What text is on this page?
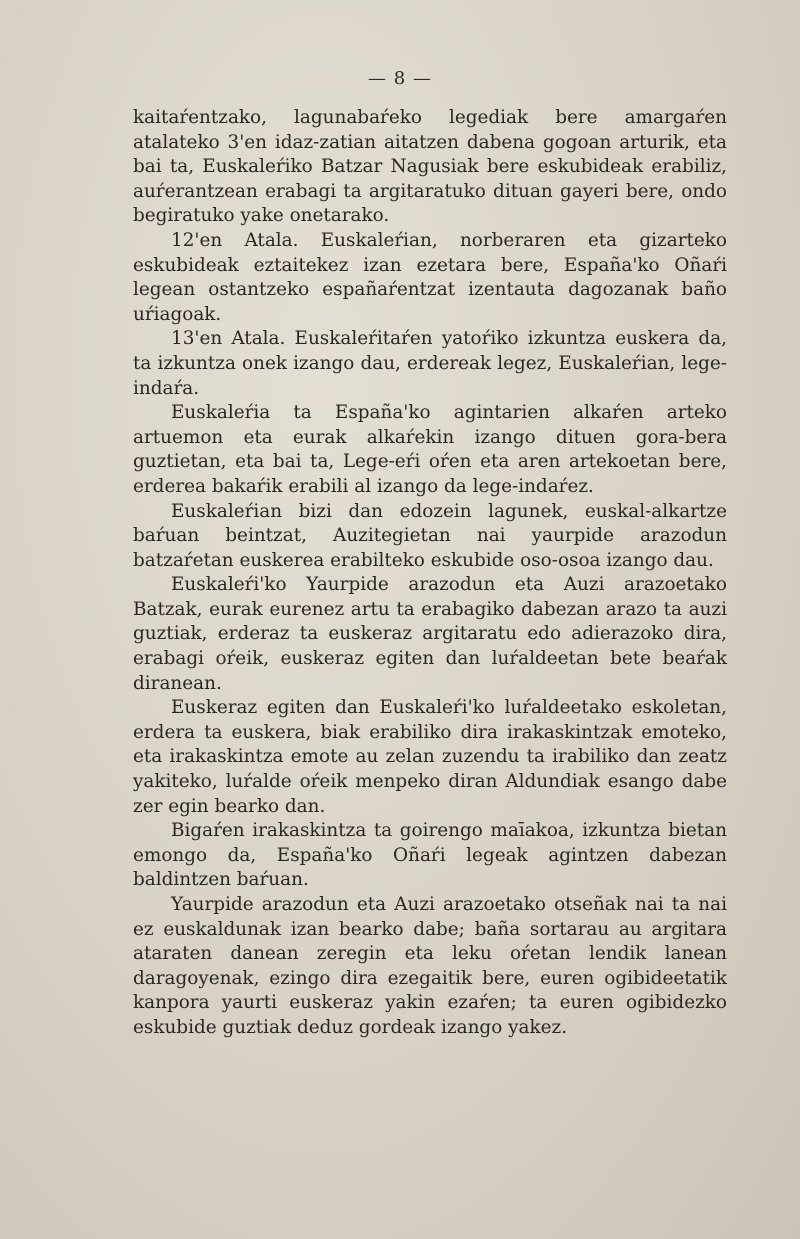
— 8 —

kaitaŕentzako, lagunabaŕeko legediak bere amargaŕen atalateko 3'en idaz-zatian aitatzen dabena gogoan arturik, eta bai ta, Euskaleŕiko Batzar Nagusiak bere eskubideak erabiliz, auŕerantzean erabagi ta argitaratuko dituan gayeri bere, ondo begiratuko yake onetarako.

12'en Atala. Euskaleŕian, norberaren eta gizarteko eskubideak eztaitekez izan ezetara bere, España'ko Oñaŕi legean ostantzeko españaŕentzat izentauta dagozanak baño uŕiagoak.

13'en Atala. Euskaleŕitaŕen yatoŕiko izkuntza euskera da, ta izkuntza onek izango dau, erdereak legez, Euskaleŕian, lege-indaŕa.

Euskaleŕia ta España'ko agintarien alkaŕen arteko artuemon eta eurak alkaŕekin izango dituen gora-bera guztietan, eta bai ta, Lege-eŕi oŕen eta aren artekoetan bere, erderea bakaŕik erabili al izango da lege-indaŕez.

Euskaleŕian bizi dan edozein lagunek, euskal-alkartze baŕuan beintzat, Auzitegietan nai yaurpide arazodun batzaŕetan euskerea erabilteko eskubide oso-osoa izango dau.

Euskaleŕi'ko Yaurpide arazodun eta Auzi arazoetako Batzak, eurak eurenez artu ta erabagiko dabezan arazo ta auzi guztiak, erderaz ta euskeraz argitaratu edo adierazoko dira, erabagi oŕeik, euskeraz egiten dan luŕaldeetan bete beaŕak diranean.

Euskeraz egiten dan Euskaleŕi'ko luŕaldeetako eskoletan, erdera ta euskera, biak erabiliko dira irakaskintzak emoteko, eta irakaskintza emote au zelan zuzendu ta irabiliko dan zeatz yakiteko, luŕalde oŕeik menpeko diran Aldundiak esango dabe zer egin bearko dan.

Bigaŕen irakaskintza ta goirengo maīakoa, izkuntza bietan emongo da, España'ko Oñaŕi legeak agintzen dabezan baldintzen baŕuan.

Yaurpide arazodun eta Auzi arazoetako otseñak nai ta nai ez euskaldunak izan bearko dabe; baña sortarau au argitara ataraten danean zeregin eta leku oŕetan lendik lanean daragoyenak, ezingo dira ezegaitik bere, euren ogibideetatik kanpora yaurti euskeraz yakin ezaŕen; ta euren ogibidezko eskubide guztiak deduz gordeak izango yakez.
